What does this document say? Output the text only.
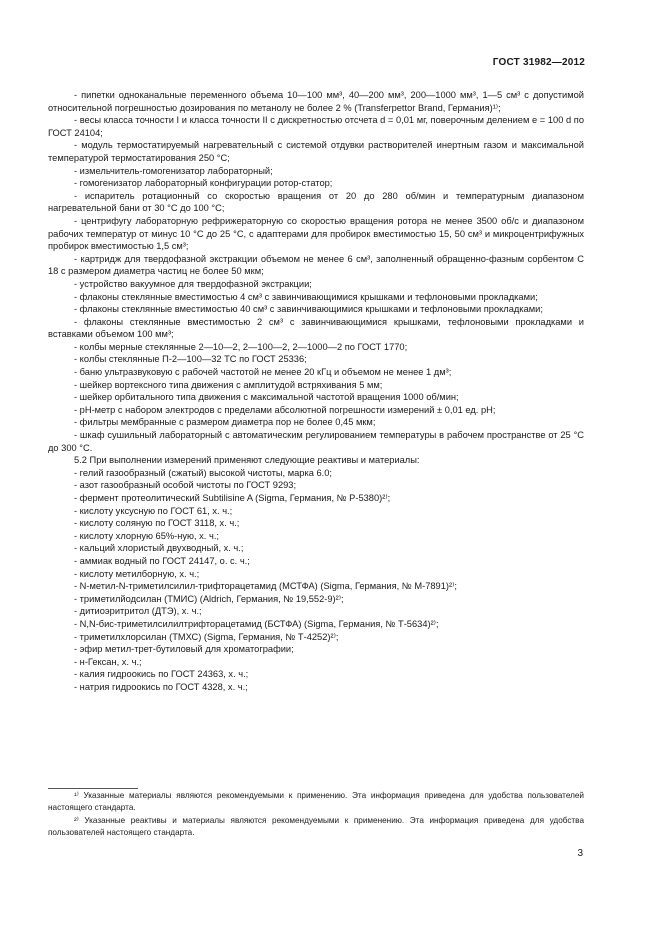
ГОСТ 31982—2012

- пипетки одноканальные переменного объема 10—100 мм³, 40—200 мм³, 200—1000 мм³, 1—5 см³ с допустимой относительной погрешностью дозирования по метанолу не более 2 % (Transferpettor Brand, Германия)¹⁾;

- весы класса точности I и класса точности II с дискретностью отсчета d = 0,01 мг, поверочным делением e = 100 d по ГОСТ 24104;

- модуль термостатируемый нагревательный с системой отдувки растворителей инертным газом и максимальной температурой термостатирования 250 °С;

- измельчитель-гомогенизатор лабораторный;

- гомогенизатор лабораторный конфигурации ротор-статор;

- испаритель ротационный со скоростью вращения от 20 до 280 об/мин и температурным диапазоном нагревательной бани от 30 °С до 100 °С;

- центрифугу лабораторную рефрижераторную со скоростью вращения ротора не менее 3500 об/с и диапазоном рабочих температур от минус 10 °С до 25 °С, с адаптерами для пробирок вместимостью 15, 50 см³ и микроцентрифужных пробирок вместимостью 1,5 см³;

- картридж для твердофазной экстракции объемом не менее 6 см³, заполненный обращенно-фазным сорбентом С 18 с размером диаметра частиц не более 50 мкм;

- устройство вакуумное для твердофазной экстракции;

- флаконы стеклянные вместимостью 4 см³ с завинчивающимися крышками и тефлоновыми прокладками;

- флаконы стеклянные вместимостью 40 см³ с завинчивающимися крышками и тефлоновыми прокладками;

- флаконы стеклянные вместимостью 2 см³ с завинчивающимися крышками, тефлоновыми прокладками и вставками объемом 100 мм³;

- колбы мерные стеклянные 2—10—2, 2—100—2, 2—1000—2 по ГОСТ 1770;

- колбы стеклянные П-2—100—32 ТС по ГОСТ 25336;

- баню ультразвуковую с рабочей частотой не менее 20 кГц и объемом не менее 1 дм³;

- шейкер вортексного типа движения с амплитудой встряхивания 5 мм;

- шейкер орбитального типа движения с максимальной частотой вращения 1000 об/мин;

- pH-метр с набором электродов с пределами абсолютной погрешности измерений ± 0,01 ед. pH;

- фильтры мембранные с размером диаметра пор не более 0,45 мкм;

- шкаф сушильный лабораторный с автоматическим регулированием температуры в рабочем пространстве от 25 °С до 300 °С.

5.2 При выполнении измерений применяют следующие реактивы и материалы:

- гелий газообразный (сжатый) высокой чистоты, марка 6.0;

- азот газообразный особой чистоты по ГОСТ 9293;

- фермент протеолитический Subtilisine A (Sigma, Германия, № Р-5380)²⁾;

- кислоту уксусную по ГОСТ 61, х. ч.;

- кислоту соляную по ГОСТ 3118, х. ч.;

- кислоту хлорную 65%-ную, х. ч.;

- кальций хлористый двухводный, х. ч.;

- аммиак водный по ГОСТ 24147, о. с. ч.;

- кислоту метилборную, х. ч.;

- N-метил-N-триметилсилил-трифторацетамид (МСТФА) (Sigma, Германия, № М-7891)²⁾;

- триметилйодсилан (ТМИС) (Aldrich, Германия, № 19,552-9)²⁾;

- дитиоэритритол (ДТЭ), х. ч.;

- N,N-бис-триметилсилилтрифторацетамид (БСТФА) (Sigma, Германия, № Т-5634)²⁾;

- триметилхлорсилан (ТМХС) (Sigma, Германия, № Т-4252)²⁾;

- эфир метил-трет-бутиловый для хроматографии;

- н-Гексан, х. ч.;

- калия гидроокись по ГОСТ 24363, х. ч.;

- натрия гидроокись по ГОСТ 4328, х. ч.;

¹⁾ Указанные материалы являются рекомендуемыми к применению. Эта информация приведена для удобства пользователей настоящего стандарта.

²⁾ Указанные реактивы и материалы являются рекомендуемыми к применению. Эта информация приведена для удобства пользователей настоящего стандарта.

3
